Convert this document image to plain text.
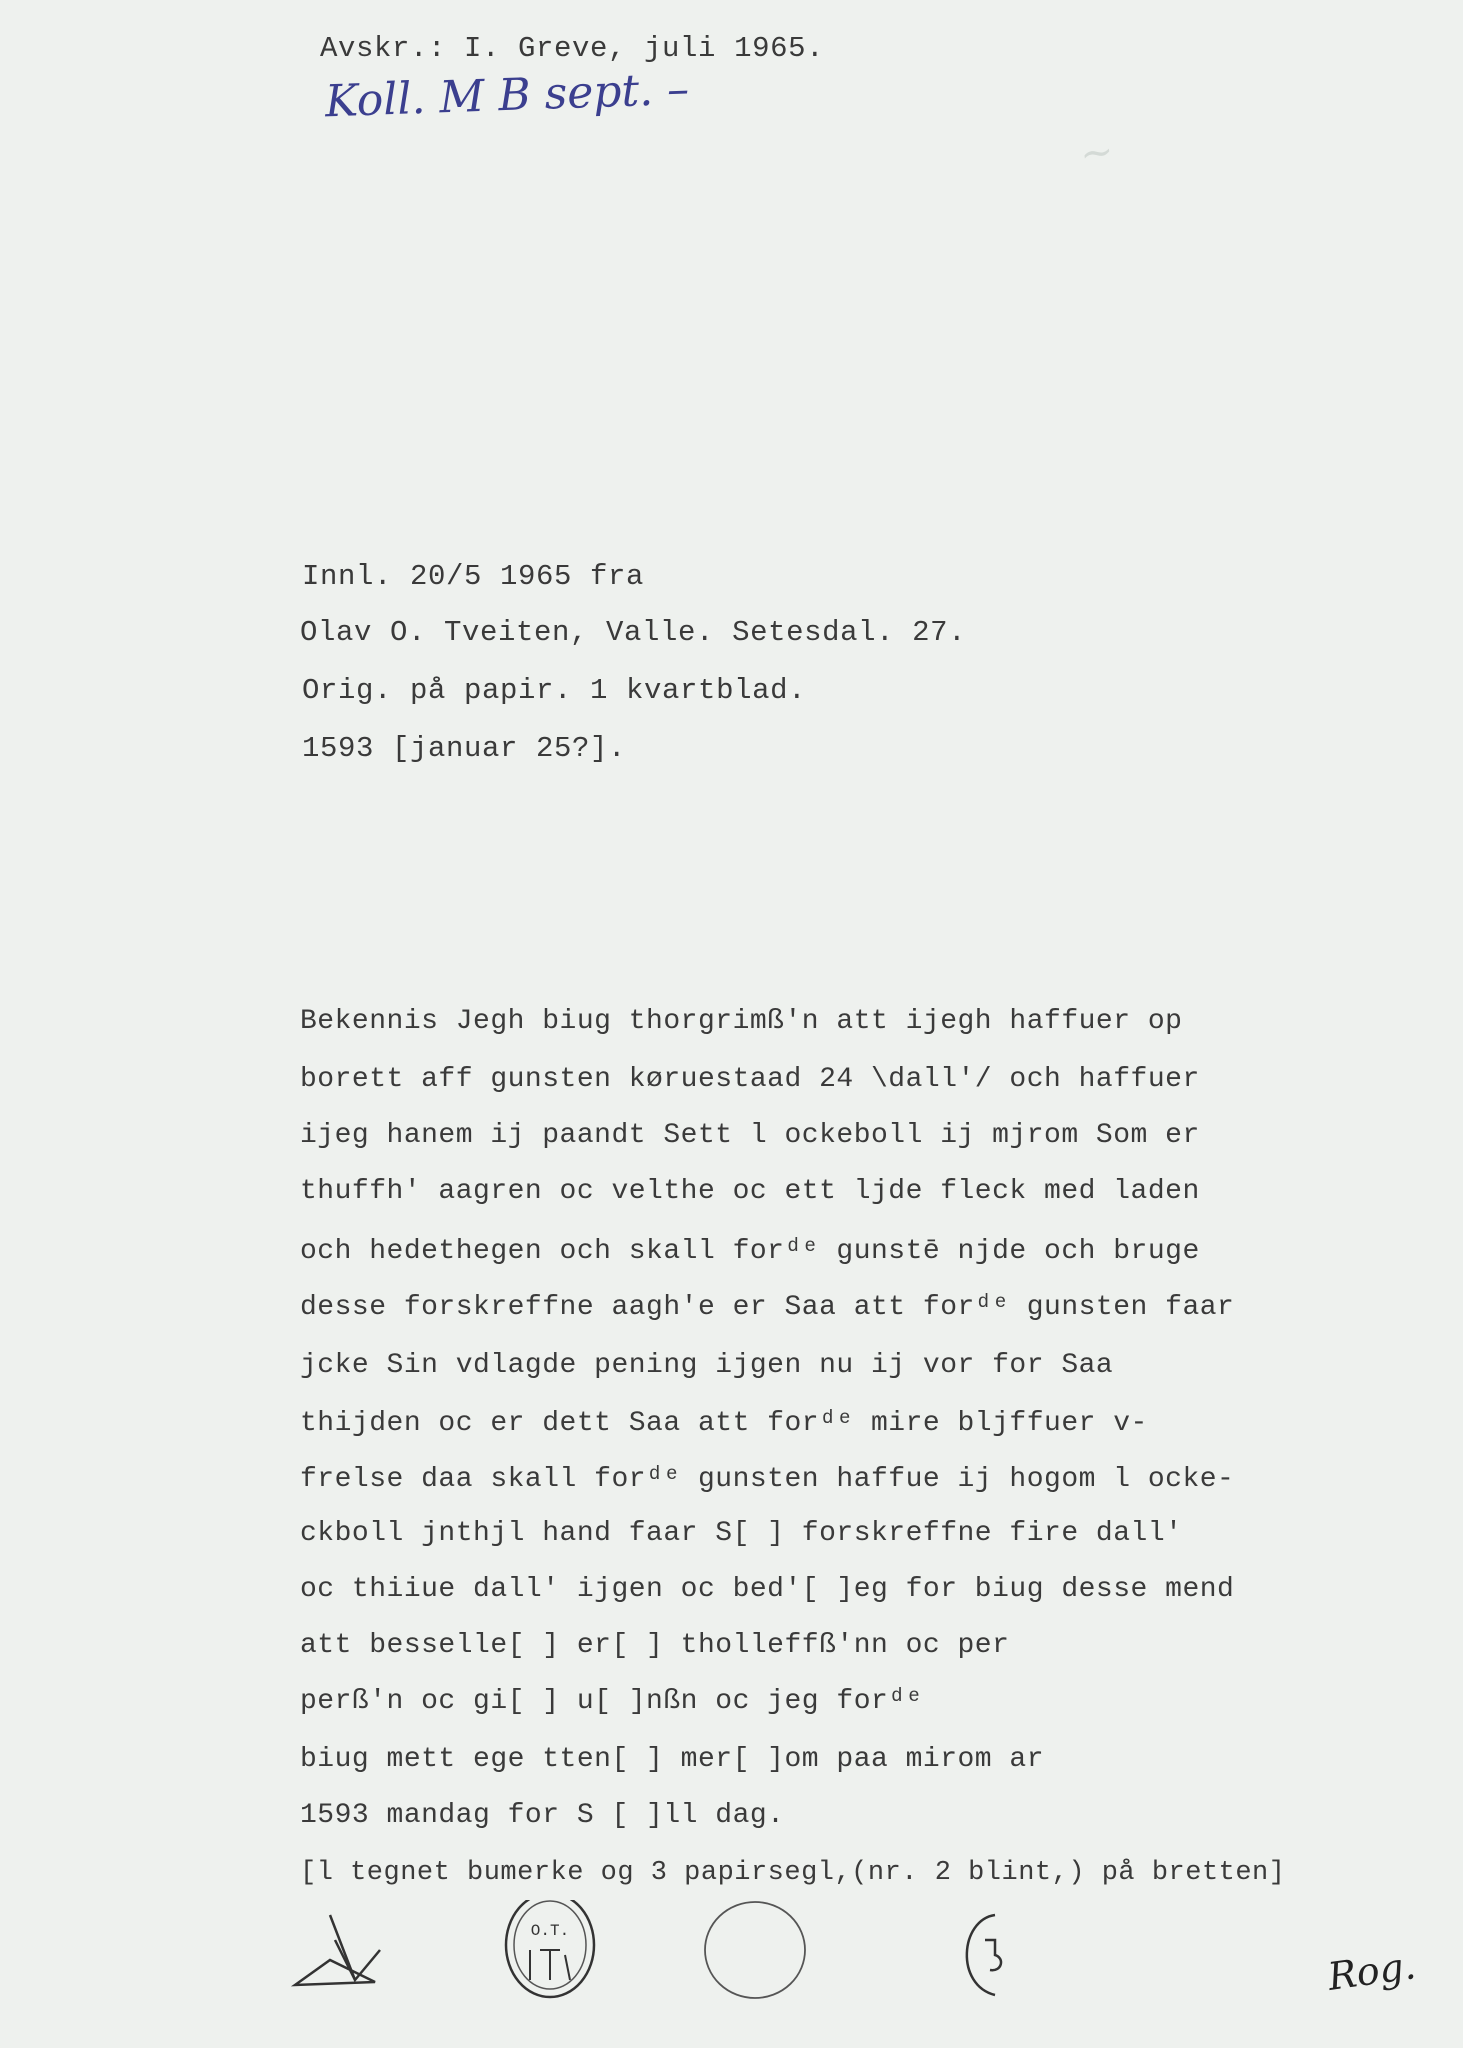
~
Avskr.: I. Greve, juli 1965.
Koll. M B sept. –
Innl. 20/5 1965 fra
Olav O. Tveiten, Valle. Setesdal. 27.
Orig. på papir. 1 kvartblad.
1593 [januar 25?].
Bekennis Jegh biug thorgrimß'n att ijegh haffuer op
borett aff gunsten køruestaad 24 \dall'/ och haffuer
ijeg hanem ij paandt Sett l ockeboll ij mjrom Som er
thuffh' aagren oc velthe oc ett ljde fleck med laden
och hedethegen och skall forᵈᵉ gunstē njde och bruge
desse forskreffne aagh'e er Saa att forᵈᵉ gunsten faar
jcke Sin vdlagde pening ijgen nu ij vor for Saa
thijden oc er dett Saa att forᵈᵉ mire bljffuer v-
frelse daa skall forᵈᵉ gunsten haffue ij hogom l ocke-
ckboll jnthjl hand faar S[ ] forskreffne fire dall'
oc thiiue dall' ijgen oc bed'[ ]eg for biug desse mend
att besselle[ ] er[ ] tholleffß'nn oc per
perß'n oc gi[ ] u[ ]nßn oc jeg forᵈᵉ
biug mett ege tten[ ] mer[ ]om paa mirom ar
1593 mandag for S [ ]ll dag.
[l tegnet bumerke og 3 papirsegl,(nr. 2 blint,) på bretten]
O.T.
Rog.
